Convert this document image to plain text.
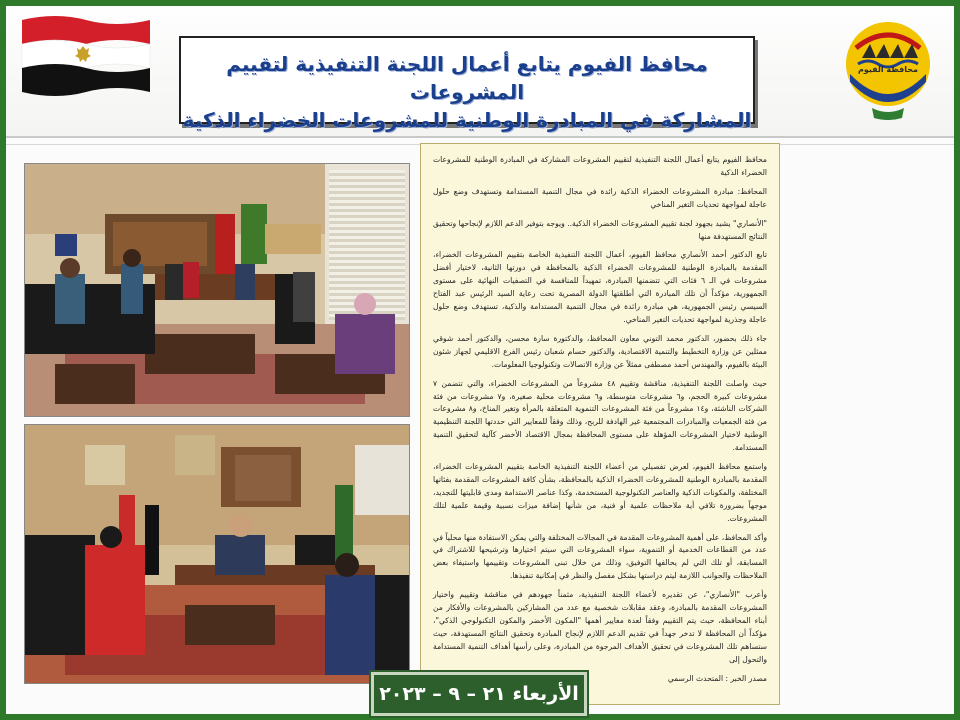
محافظ الفيوم يتابع أعمال اللجنة التنفيذية لتقييم المشروعات
المشاركة في المبادرة الوطنية للمشروعات الخضراء الذكية
محافظة الفيوم

محافظ الفيوم يتابع أعمال اللجنة التنفيذية لتقييم المشروعات المشاركة في المبادرة الوطنية للمشروعات الخضراء الذكية

المحافظ: مبادرة المشروعات الخضراء الذكية رائدة في مجال التنمية المستدامة وتستهدف وضع حلول عاجلة لمواجهة تحديات التغير المناخي

"الأنصاري" يشيد بجهود لجنة تقييم المشروعات الخضراء الذكية.. ويوجه بتوفير الدعم اللازم لإنجاحها وتحقيق النتائج المستهدفة منها

تابع الدكتور أحمد الأنصاري محافظ الفيوم، أعمال اللجنة التنفيذية الخاصة بتقييم المشروعات الخضراء، المقدمة بالمبادرة الوطنية للمشروعات الخضراء الذكية بالمحافظة في دورتها الثانية، لاختيار أفضل مشروعات في الـ ٦ فئات التي تتضمنها المبادرة، تمهيداً للمنافسة في التصفيات النهائية على مستوى الجمهورية، مؤكداً أن تلك المبادرة التي أطلقتها الدولة المصرية تحت رعاية السيد الرئيس عبد الفتاح السيسي رئيس الجمهورية، هي مبادرة رائدة في مجال التنمية المستدامة والذكية، تستهدف وضع حلول عاجلة وجذرية لمواجهة تحديات التغير المناخي.

جاء ذلك بحضور، الدكتور محمد التوني معاون المحافظ، والدكتورة سارة محسن، والدكتور أحمد شوقي ممثلين عن وزارة التخطيط والتنمية الاقتصادية، والدكتور حسام شعبان رئيس الفرع الاقليمي لجهاز شئون البيئة بالفيوم، والمهندس أحمد مصطفى ممثلاً عن وزارة الاتصالات وتكنولوجيا المعلومات.

حيث واصلت اللجنة التنفيذية، مناقشة وتقييم ٤٨ مشروعاً من المشروعات الخضراء، والتي تتضمن ٧ مشروعات كبيرة الحجم، و٦ مشروعات متوسطة، و٦ مشروعات محلية صغيرة، و٧ مشروعات من فئة الشركات الناشئة، و١٤ مشروعاً من فئة المشروعات التنموية المتعلقة بالمرأة وتغير المناخ، و٨ مشروعات من فئة الجمعيات والمبادرات المجتمعية غير الهادفة للربح، وذلك وفقاً للمعايير التي حددتها اللجنة التنظيمية الوطنية لاختيار المشروعات المؤهلة على مستوى المحافظة بمجال الاقتصاد الأخضر كآلية لتحقيق التنمية المستدامة.

واستمع محافظ الفيوم، لعرض تفصيلي من أعضاء اللجنة التنفيذية الخاصة بتقييم المشروعات الخضراء، المقدمة بالمبادرة الوطنية للمشروعات الخضراء الذكية بالمحافظة، بشأن كافة المشروعات المقدمة بفئاتها المختلفة، والمكونات الذكية والعناصر التكنولوجية المستخدمة، وكذا عناصر الاستدامة ومدى قابليتها للتجديد، موجهاً بضرورة تلافي أية ملاحظات علمية أو فنية، من شأنها إضافة ميزات نسبية وقيمة علمية لتلك المشروعات.

وأكد المحافظ، على أهمية المشروعات المقدمة في المجالات المختلفة والتي يمكن الاستفادة منها محلياً في عدد من القطاعات الخدمية أو التنموية، سواء المشروعات التي سيتم اختيارها وترشيحها للاشتراك في المسابقة، أو تلك التي لم يحالفها التوفيق، وذلك من خلال تبنى المشروعات وتقييمها واستيفاء بعض الملاحظات والجوانب اللازمة ليتم دراستها بشكل مفصل والنظر في إمكانية تنفيذها.

وأعرب "الأنصاري"، عن تقديره لأعضاء اللجنة التنفيذية، مثمناً جهودهم في مناقشة وتقييم واختيار المشروعات المقدمة بالمبادرة، وعقد مقابلات شخصية مع عدد من المشاركين بالمشروعات والأفكار من أبناء المحافظة، حيث يتم التقييم وفقاً لعدة معايير أهمها "المكون الأخضر والمكون التكنولوجي الذكي"، مؤكداً أن المحافظة لا تدخر جهداً في تقديم الدعم اللازم لإنجاح المبادرة وتحقيق النتائج المستهدفة، حيث ستساهم تلك المشروعات في تحقيق الأهداف المرجوة من المبادرة، وعلى رأسها أهداف التنمية المستدامة والتحول إلى

مصدر الخبر : المتحدث الرسمي

الأربعاء ٢١ – ٩ – ٢٠٢٣
